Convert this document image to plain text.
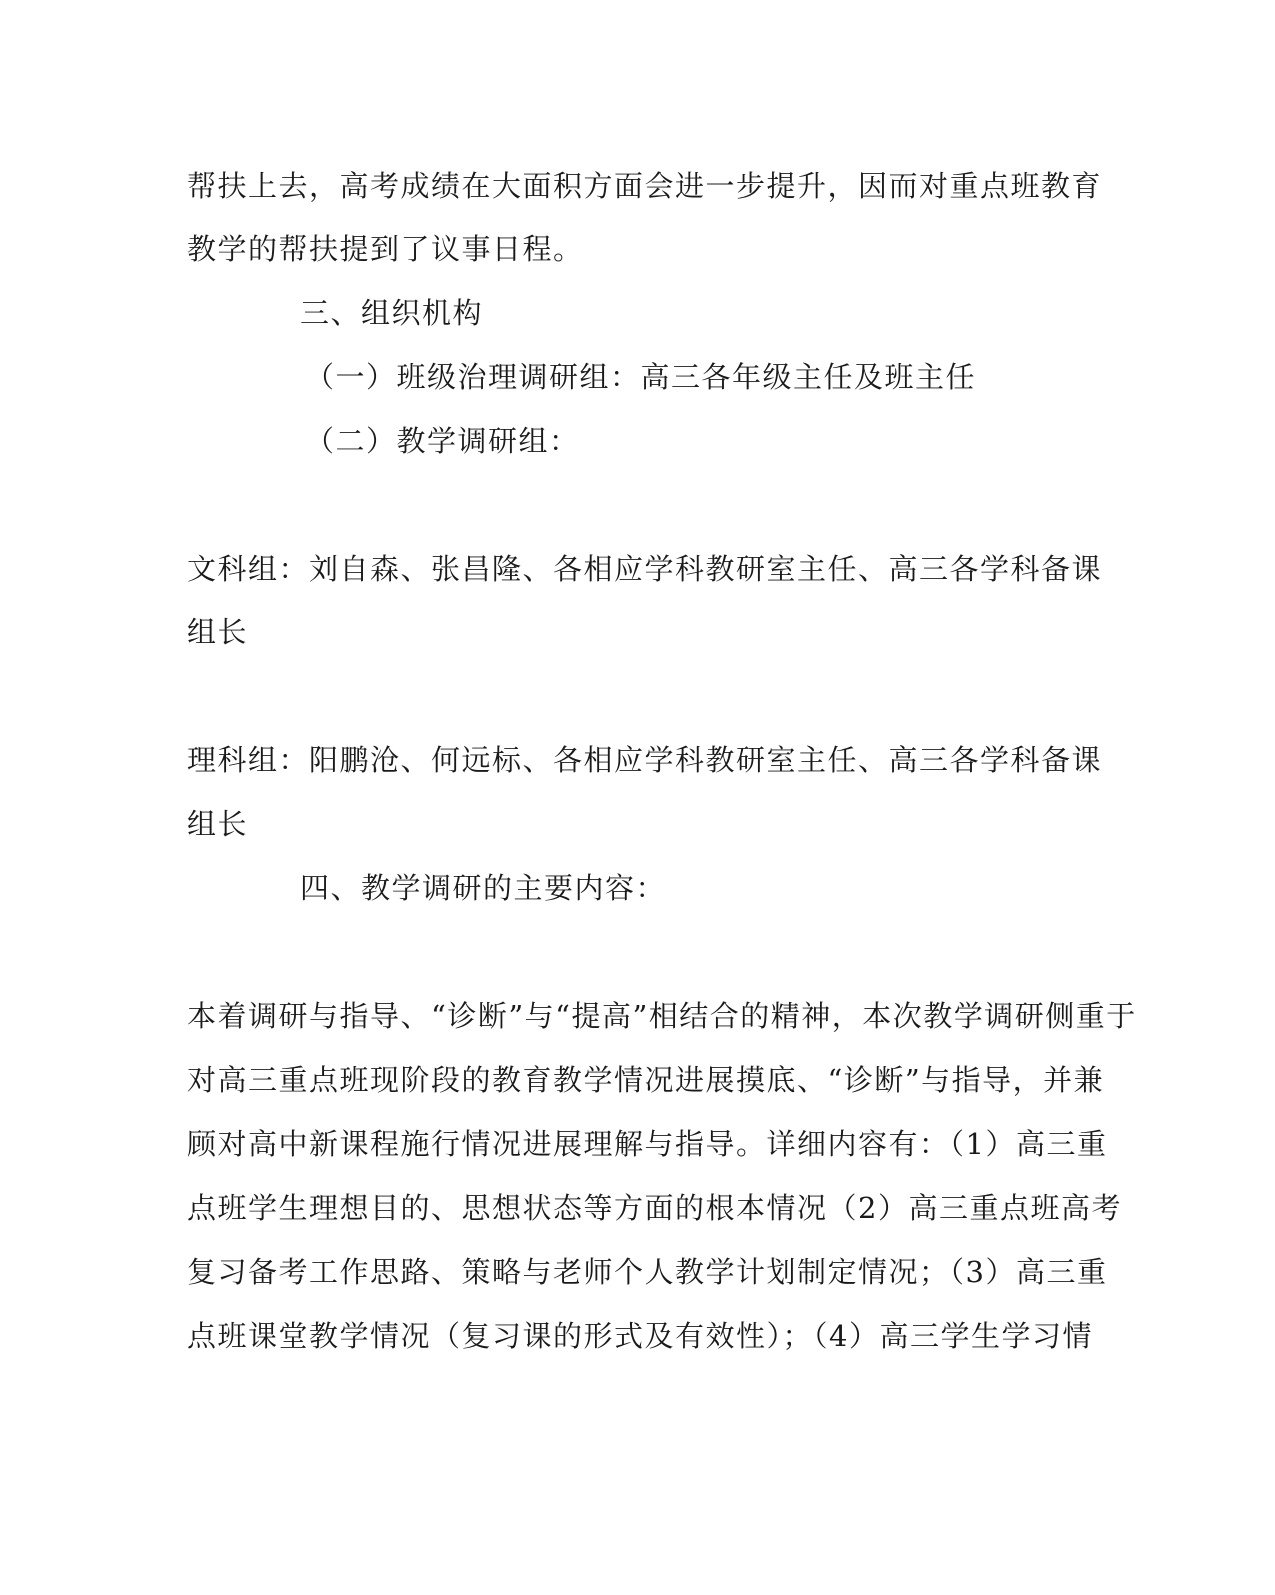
帮扶上去，高考成绩在大面积方面会进一步提升，因而对重点班教育
教学的帮扶提到了议事日程。
三、组织机构
（一）班级治理调研组：高三各年级主任及班主任
（二）教学调研组：
文科组：刘自森、张昌隆、各相应学科教研室主任、高三各学科备课
组长
理科组：阳鹏沧、何远标、各相应学科教研室主任、高三各学科备课
组长
四、教学调研的主要内容：
本着调研与指导、“诊断”与“提高”相结合的精神，本次教学调研侧重于
对高三重点班现阶段的教育教学情况进展摸底、“诊断”与指导，并兼
顾对高中新课程施行情况进展理解与指导。详细内容有：（1）高三重
点班学生理想目的、思想状态等方面的根本情况（2）高三重点班高考
复习备考工作思路、策略与老师个人教学计划制定情况；（3）高三重
点班课堂教学情况（复习课的形式及有效性）；（4）高三学生学习情
